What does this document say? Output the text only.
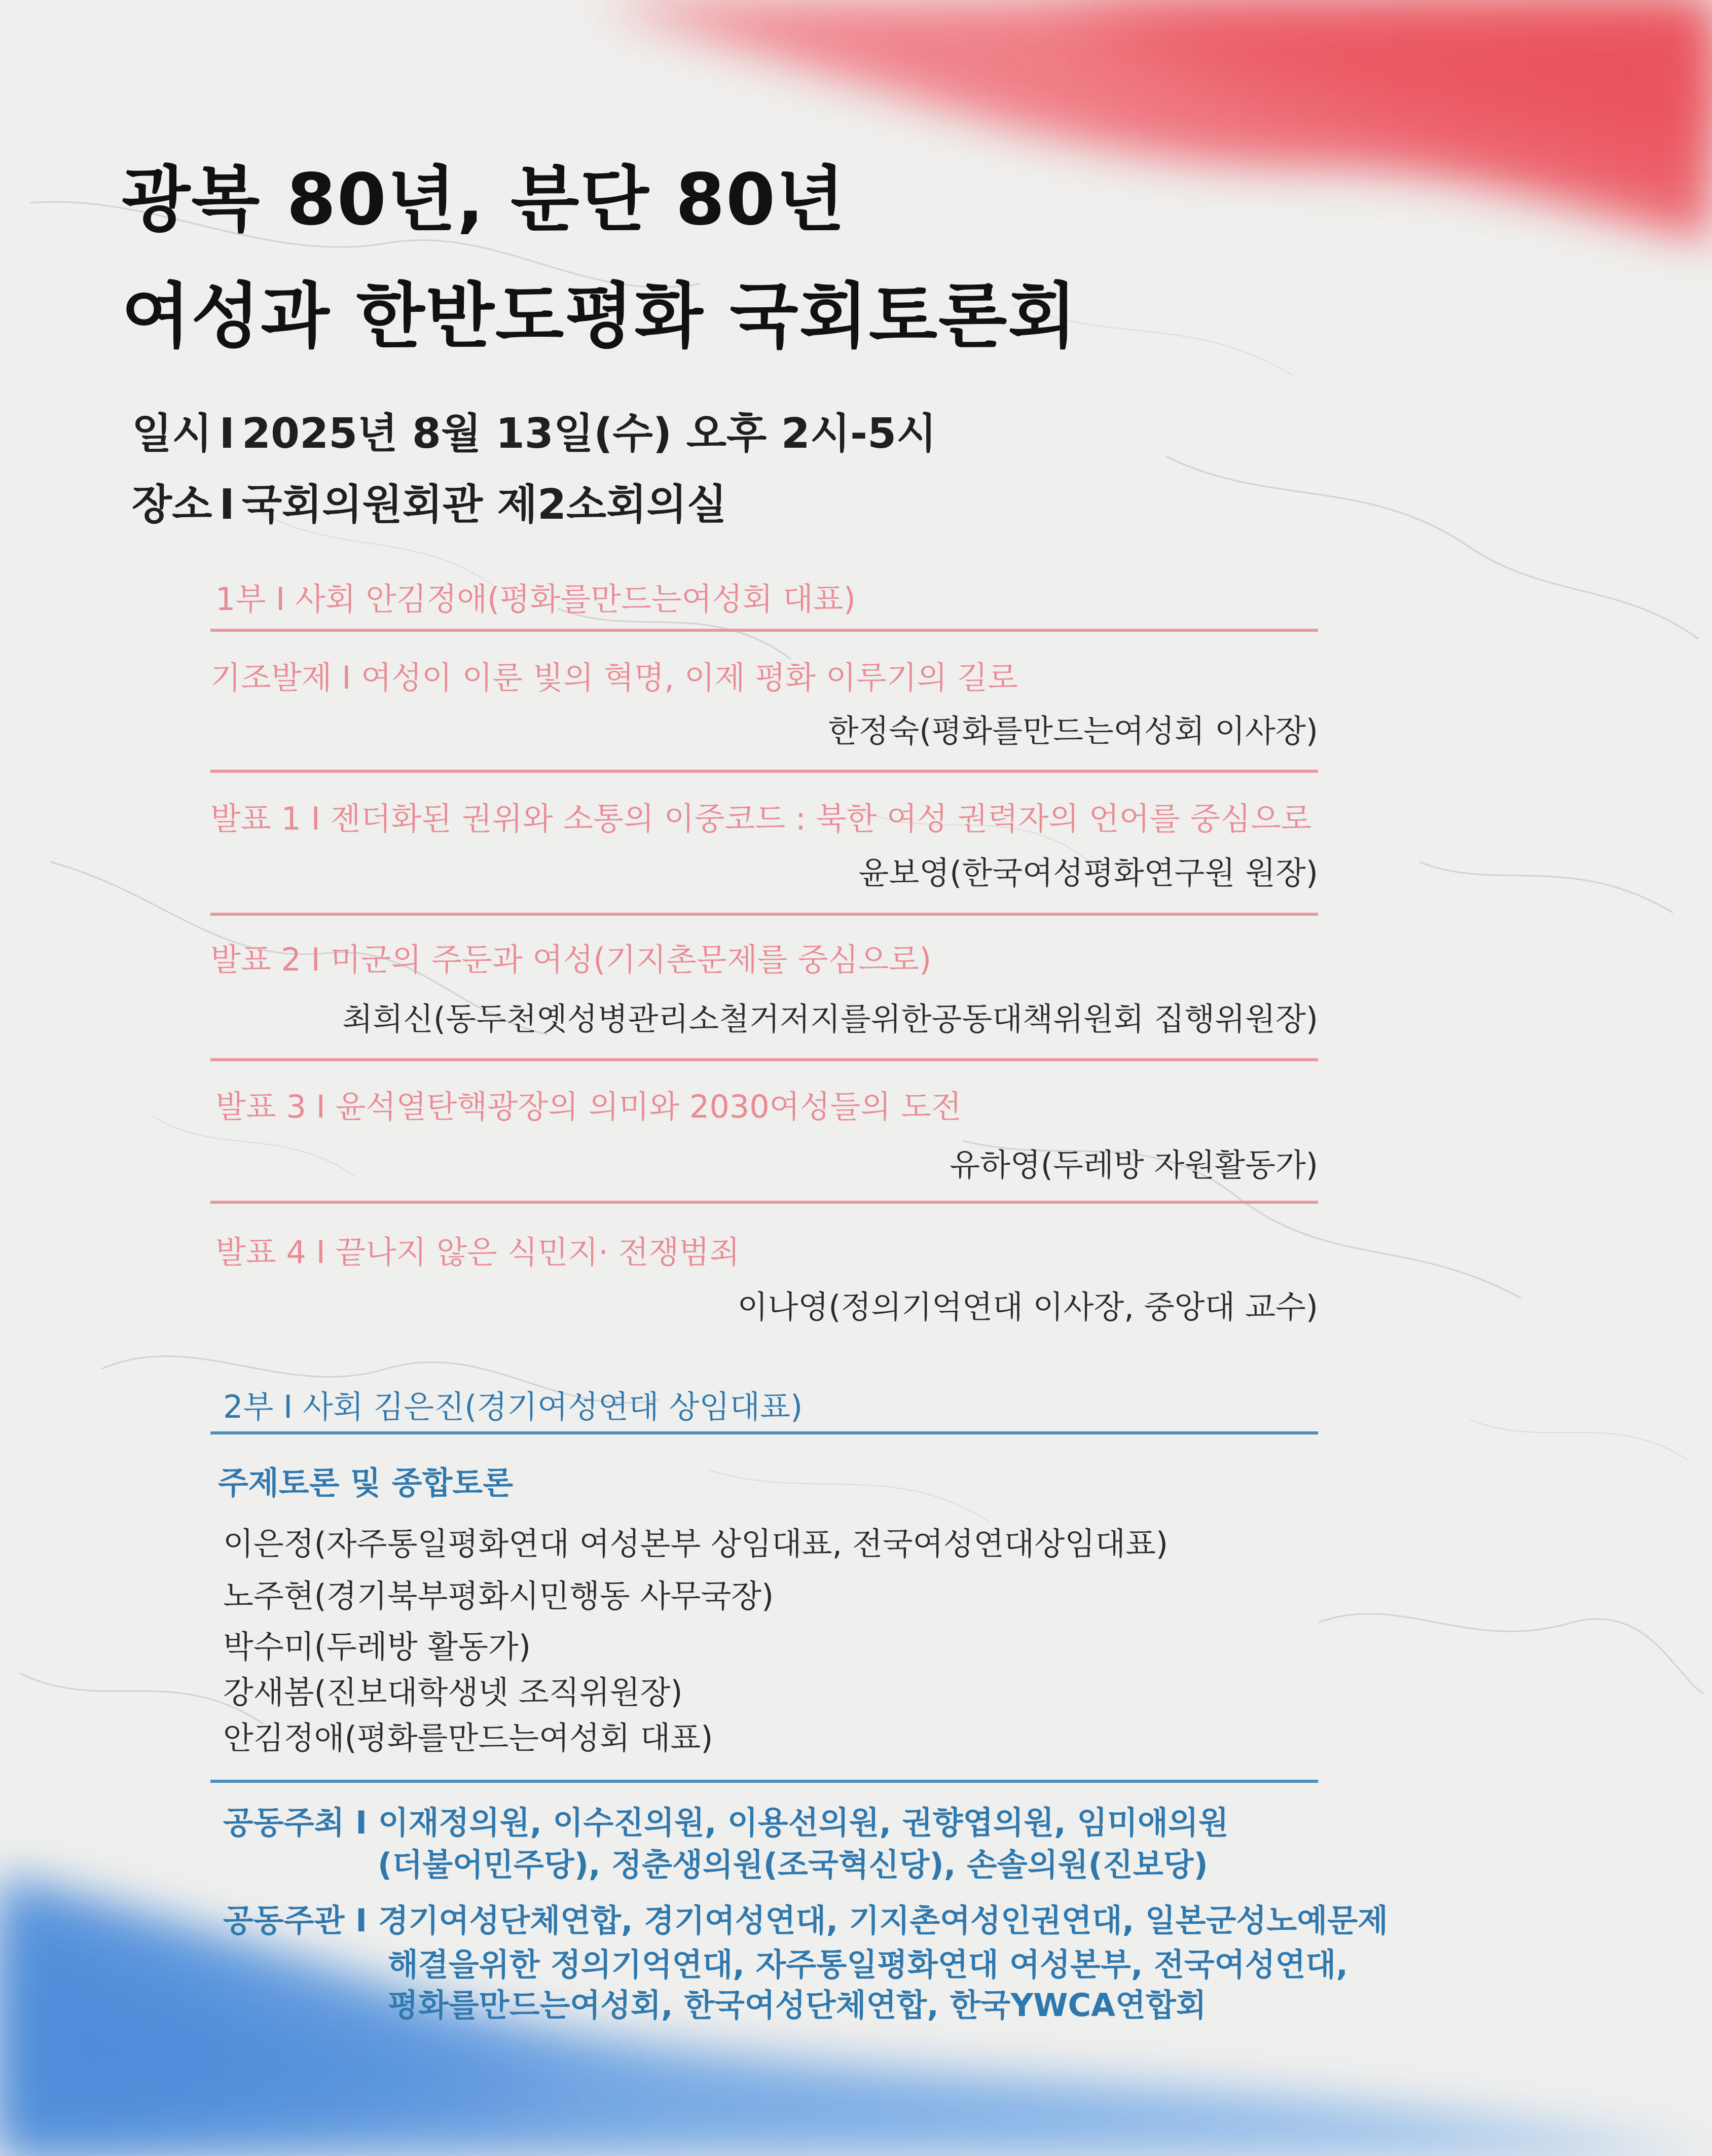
광복 80년, 분단 80년
여성과 한반도평화 국회토론회
일시 I 2025년 8월 13일(수) 오후 2시-5시
장소 I 국회의원회관 제2소회의실
1부 I 사회 안김정애(평화를만드는여성회 대표)
기조발제 I 여성이 이룬 빛의 혁명, 이제 평화 이루기의 길로
한정숙(평화를만드는여성회 이사장)
발표 1 I 젠더화된 권위와 소통의 이중코드 : 북한 여성 권력자의 언어를 중심으로
윤보영(한국여성평화연구원 원장)
발표 2 I 미군의 주둔과 여성(기지촌문제를 중심으로)
최희신(동두천옛성병관리소철거저지를위한공동대책위원회 집행위원장)
발표 3 I 윤석열탄핵광장의 의미와 2030여성들의 도전
유하영(두레방 자원활동가)
발표 4 I 끝나지 않은 식민지· 전쟁범죄
이나영(정의기억연대 이사장, 중앙대 교수)
2부 I 사회 김은진(경기여성연대 상임대표)
주제토론 및 종합토론
이은정(자주통일평화연대 여성본부 상임대표, 전국여성연대상임대표)
노주현(경기북부평화시민행동 사무국장)
박수미(두레방 활동가)
강새봄(진보대학생넷 조직위원장)
안김정애(평화를만드는여성회 대표)
공동주최 I 이재정의원, 이수진의원, 이용선의원, 권향엽의원, 임미애의원
(더불어민주당), 정춘생의원(조국혁신당), 손솔의원(진보당)
공동주관 I 경기여성단체연합, 경기여성연대, 기지촌여성인권연대, 일본군성노예문제
해결을위한 정의기억연대, 자주통일평화연대 여성본부, 전국여성연대,
평화를만드는여성회, 한국여성단체연합, 한국YWCA연합회
